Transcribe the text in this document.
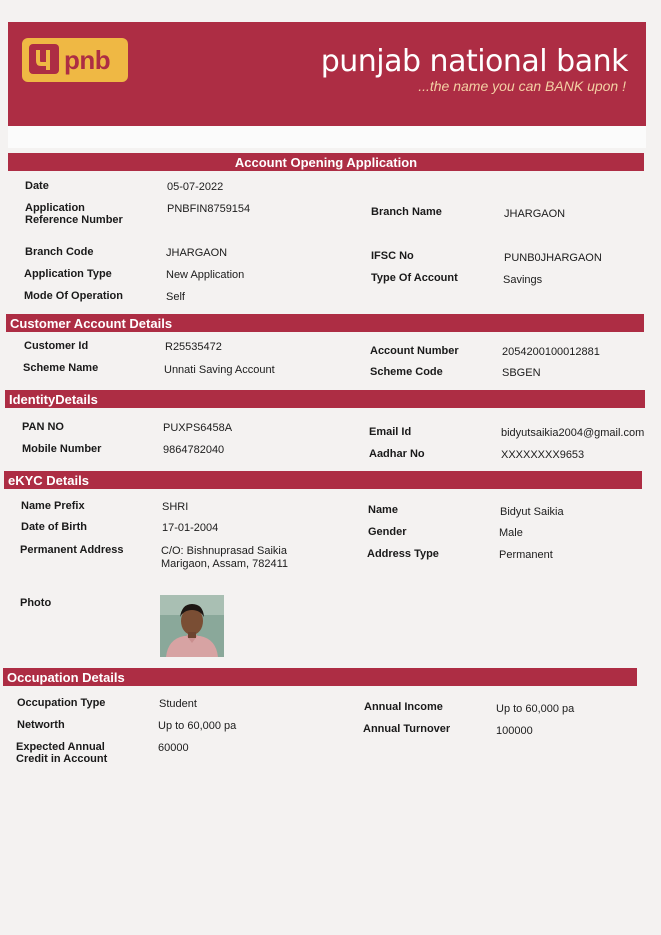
pnb	punjab national bank
...the name you can BANK upon !
Account Opening Application
Date	05-07-2022
Application
Reference Number
PNBFIN8759154	Branch Name	JHARGAON
Branch Code	JHARGAON	IFSC No	PUNB0JHARGAON
Application Type	New Application	Type Of Account	Savings
Mode Of Operation	Self
Customer Account Details
Customer Id	R25535472	Account Number	2054200100012881
Scheme Name	Unnati Saving Account	Scheme Code	SBGEN
IdentityDetails
PAN NO	PUXPS6458A	Email Id	bidyutsaikia2004@gmail.com
Mobile Number	9864782040	Aadhar No	XXXXXXXX9653
eKYC Details
Name Prefix	SHRI	Name	Bidyut Saikia
Date of Birth	17-01-2004	Gender	Male
Permanent Address	C/O: Bishnuprasad Saikia
Marigaon, Assam, 782411
Address Type	Permanent
Photo
Occupation Details
Occupation Type	Student	Annual Income	Up to 60,000 pa
Networth	Up to 60,000 pa	Annual Turnover	100000
Expected Annual
Credit in Account
60000
